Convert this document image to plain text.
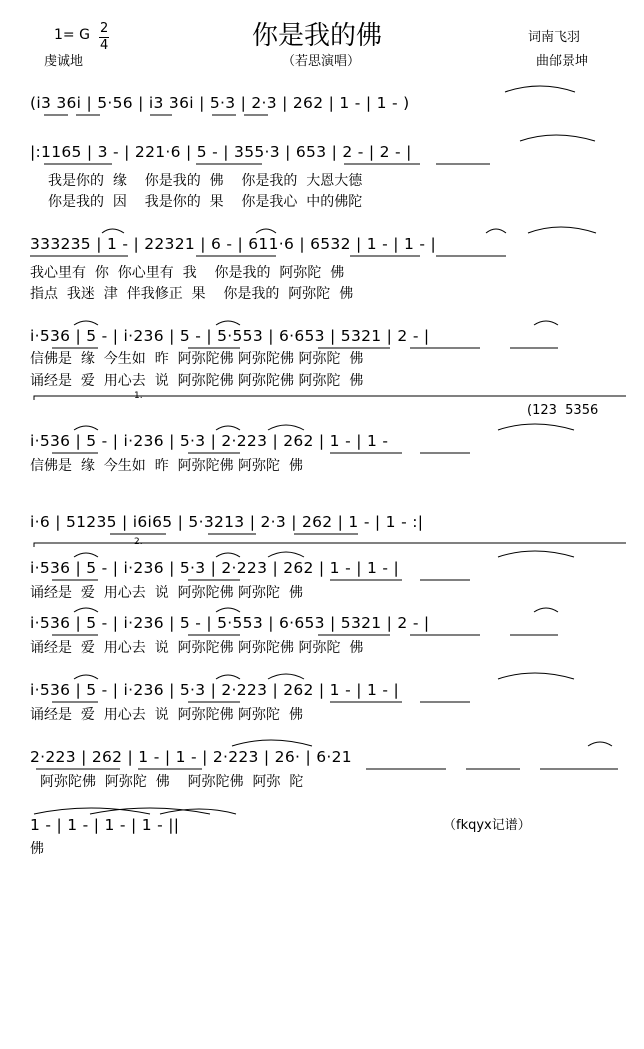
1= G 2
4	你是我的佛
（若思演唱）
词南飞羽
曲邰景坤
虔诚地
(i3 36i | 5·56 | i3 36i | 5·3 | 2·3 | 262 | 1 - | 1 - )
|:1165 | 3 - | 221·6 | 5 - | 355·3 | 653 | 2 - | 2 - |
我是你的  缘    你是我的  佛    你是我的  大恩大德
你是我的  因    我是你的  果    你是我心  中的佛陀
333235 | 1 - | 22321 | 6 - | 611·6 | 6532 | 1 - | 1 - |
我心里有  你  你心里有  我    你是我的  阿弥陀  佛
指点  我迷  津  伴我修正  果    你是我的  阿弥陀  佛
i·536 | 5 - | i·236 | 5 - | 5·553 | 6·653 | 5321 | 2 - |
信佛是  缘  今生如  昨  阿弥陀佛 阿弥陀佛 阿弥陀  佛
诵经是  爱  用心去  说  阿弥陀佛 阿弥陀佛 阿弥陀  佛
1.
(123  5356
i·536 | 5 - | i·236 | 5·3 | 2·223 | 262 | 1 - | 1 -
信佛是  缘  今生如  昨  阿弥陀佛 阿弥陀  佛
i·6 | 51235 | i6i65 | 5·3213 | 2·3 | 262 | 1 - | 1 - :|
2.
i·536 | 5 - | i·236 | 5·3 | 2·223 | 262 | 1 - | 1 - |
诵经是  爱  用心去  说  阿弥陀佛 阿弥陀  佛
i·536 | 5 - | i·236 | 5 - | 5·553 | 6·653 | 5321 | 2 - |
诵经是  爱  用心去  说  阿弥陀佛 阿弥陀佛 阿弥陀  佛
i·536 | 5 - | i·236 | 5·3 | 2·223 | 262 | 1 - | 1 - |
诵经是  爱  用心去  说  阿弥陀佛 阿弥陀  佛
2·223 | 262 | 1 - | 1 - | 2·223 | 26· | 6·21
阿弥陀佛  阿弥陀  佛    阿弥陀佛  阿弥  陀
1 - | 1 - | 1 - | 1 - ||
佛
（fkqyx记谱）
